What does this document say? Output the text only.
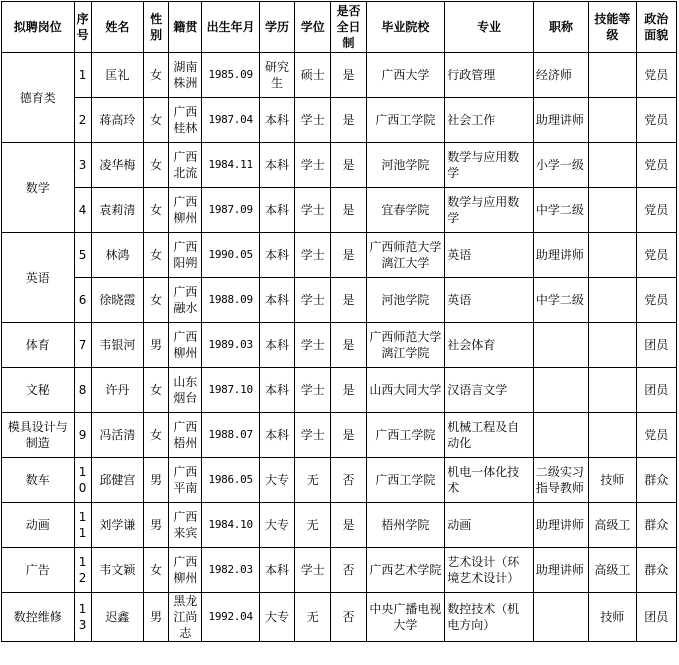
拟聘岗位	序号	姓名	性别	籍贯	出生年月	学历	学位	是否全日制	毕业院校	专业	职称	技能等级	政治面貌
德育类	1	匡礼	女	湖南株洲	1985.09	研究生	硕士	是	广西大学	行政管理	经济师		党员
	2	蒋高玲	女	广西桂林	1987.04	本科	学士	是	广西工学院	社会工作	助理讲师		党员
数学	3	凌华梅	女	广西北流	1984.11	本科	学士	是	河池学院	数学与应用数学	小学一级		党员
	4	袁莉清	女	广西柳州	1987.09	本科	学士	是	宜春学院	数学与应用数学	中学二级		党员
英语	5	林鸿	女	广西阳朔	1990.05	本科	学士	是	广西师范大学漓江大学	英语	助理讲师		党员
	6	徐晓霞	女	广西融水	1988.09	本科	学士	是	河池学院	英语	中学二级		党员
体育	7	韦银河	男	广西柳州	1989.03	本科	学士	是	广西师范大学漓江学院	社会体育			团员
文秘	8	许丹	女	山东烟台	1987.10	本科	学士	是	山西大同大学	汉语言文学			团员
模具设计与制造	9	冯活清	女	广西梧州	1988.07	本科	学士	是	广西工学院	机械工程及自动化			党员
数车	10	邱健宫	男	广西平南	1986.05	大专	无	否	广西工学院	机电一体化技术	二级实习指导教师	技师	群众
动画	11	刘学谦	男	广西来宾	1984.10	大专	无	是	梧州学院	动画	助理讲师	高级工	群众
广告	12	韦文颖	女	广西柳州	1982.03	本科	学士	否	广西艺术学院	艺术设计（环境艺术设计）	助理讲师	高级工	群众
数控维修	13	迟鑫	男	黑龙江尚志	1992.04	大专	无	否	中央广播电视大学	数控技术（机电方向）		技师	团员
